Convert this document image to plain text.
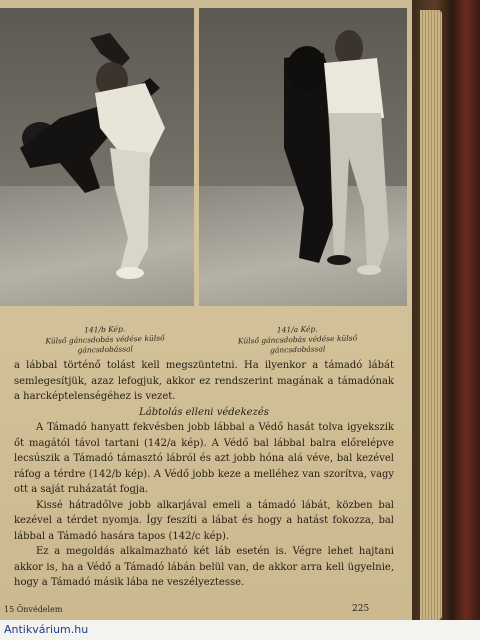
141/b Kép.
Külső gáncsdobás védése külső
gáncsdobással
141/a Kép.
Külső gáncsdobás védése külső
gáncsdobással

a lábbal történő tolást kell megszüntetni. Ha ilyenkor a támadó lábát semlegesítjük, azaz lefogjuk, akkor ez rendszerint magának a támadónak a harcképtelenségéhez is vezet.

Lábtolás elleni védekezés

A Támadó hanyatt fekvésben jobb lábbal a Védő hasát tolva igyekszik őt magától távol tartani (142/a kép). A Védő bal lábbal balra előrelépve lecsúszik a Támadó támasztó lábról és azt jobb hóna alá véve, bal kezével ráfog a térdre (142/b kép). A Védő jobb keze a melléhez van szorítva, vagy ott a saját ruházatát fogja.

Kissé hátradőlve jobb alkarjával emeli a támadó lábát, közben bal kezével a térdet nyomja. Így feszíti a lábat és hogy a hatást fokozza, bal lábbal a Támadó hasára tapos (142/c kép).

Ez a megoldás alkalmazható két láb esetén is. Végre lehet hajtani akkor is, ha a Védő a Támadó lábán belül van, de akkor arra kell ügyelnie, hogy a Támadó másik lába ne veszélyeztesse.

15 Önvédelem	225
Antikvárium.hu
